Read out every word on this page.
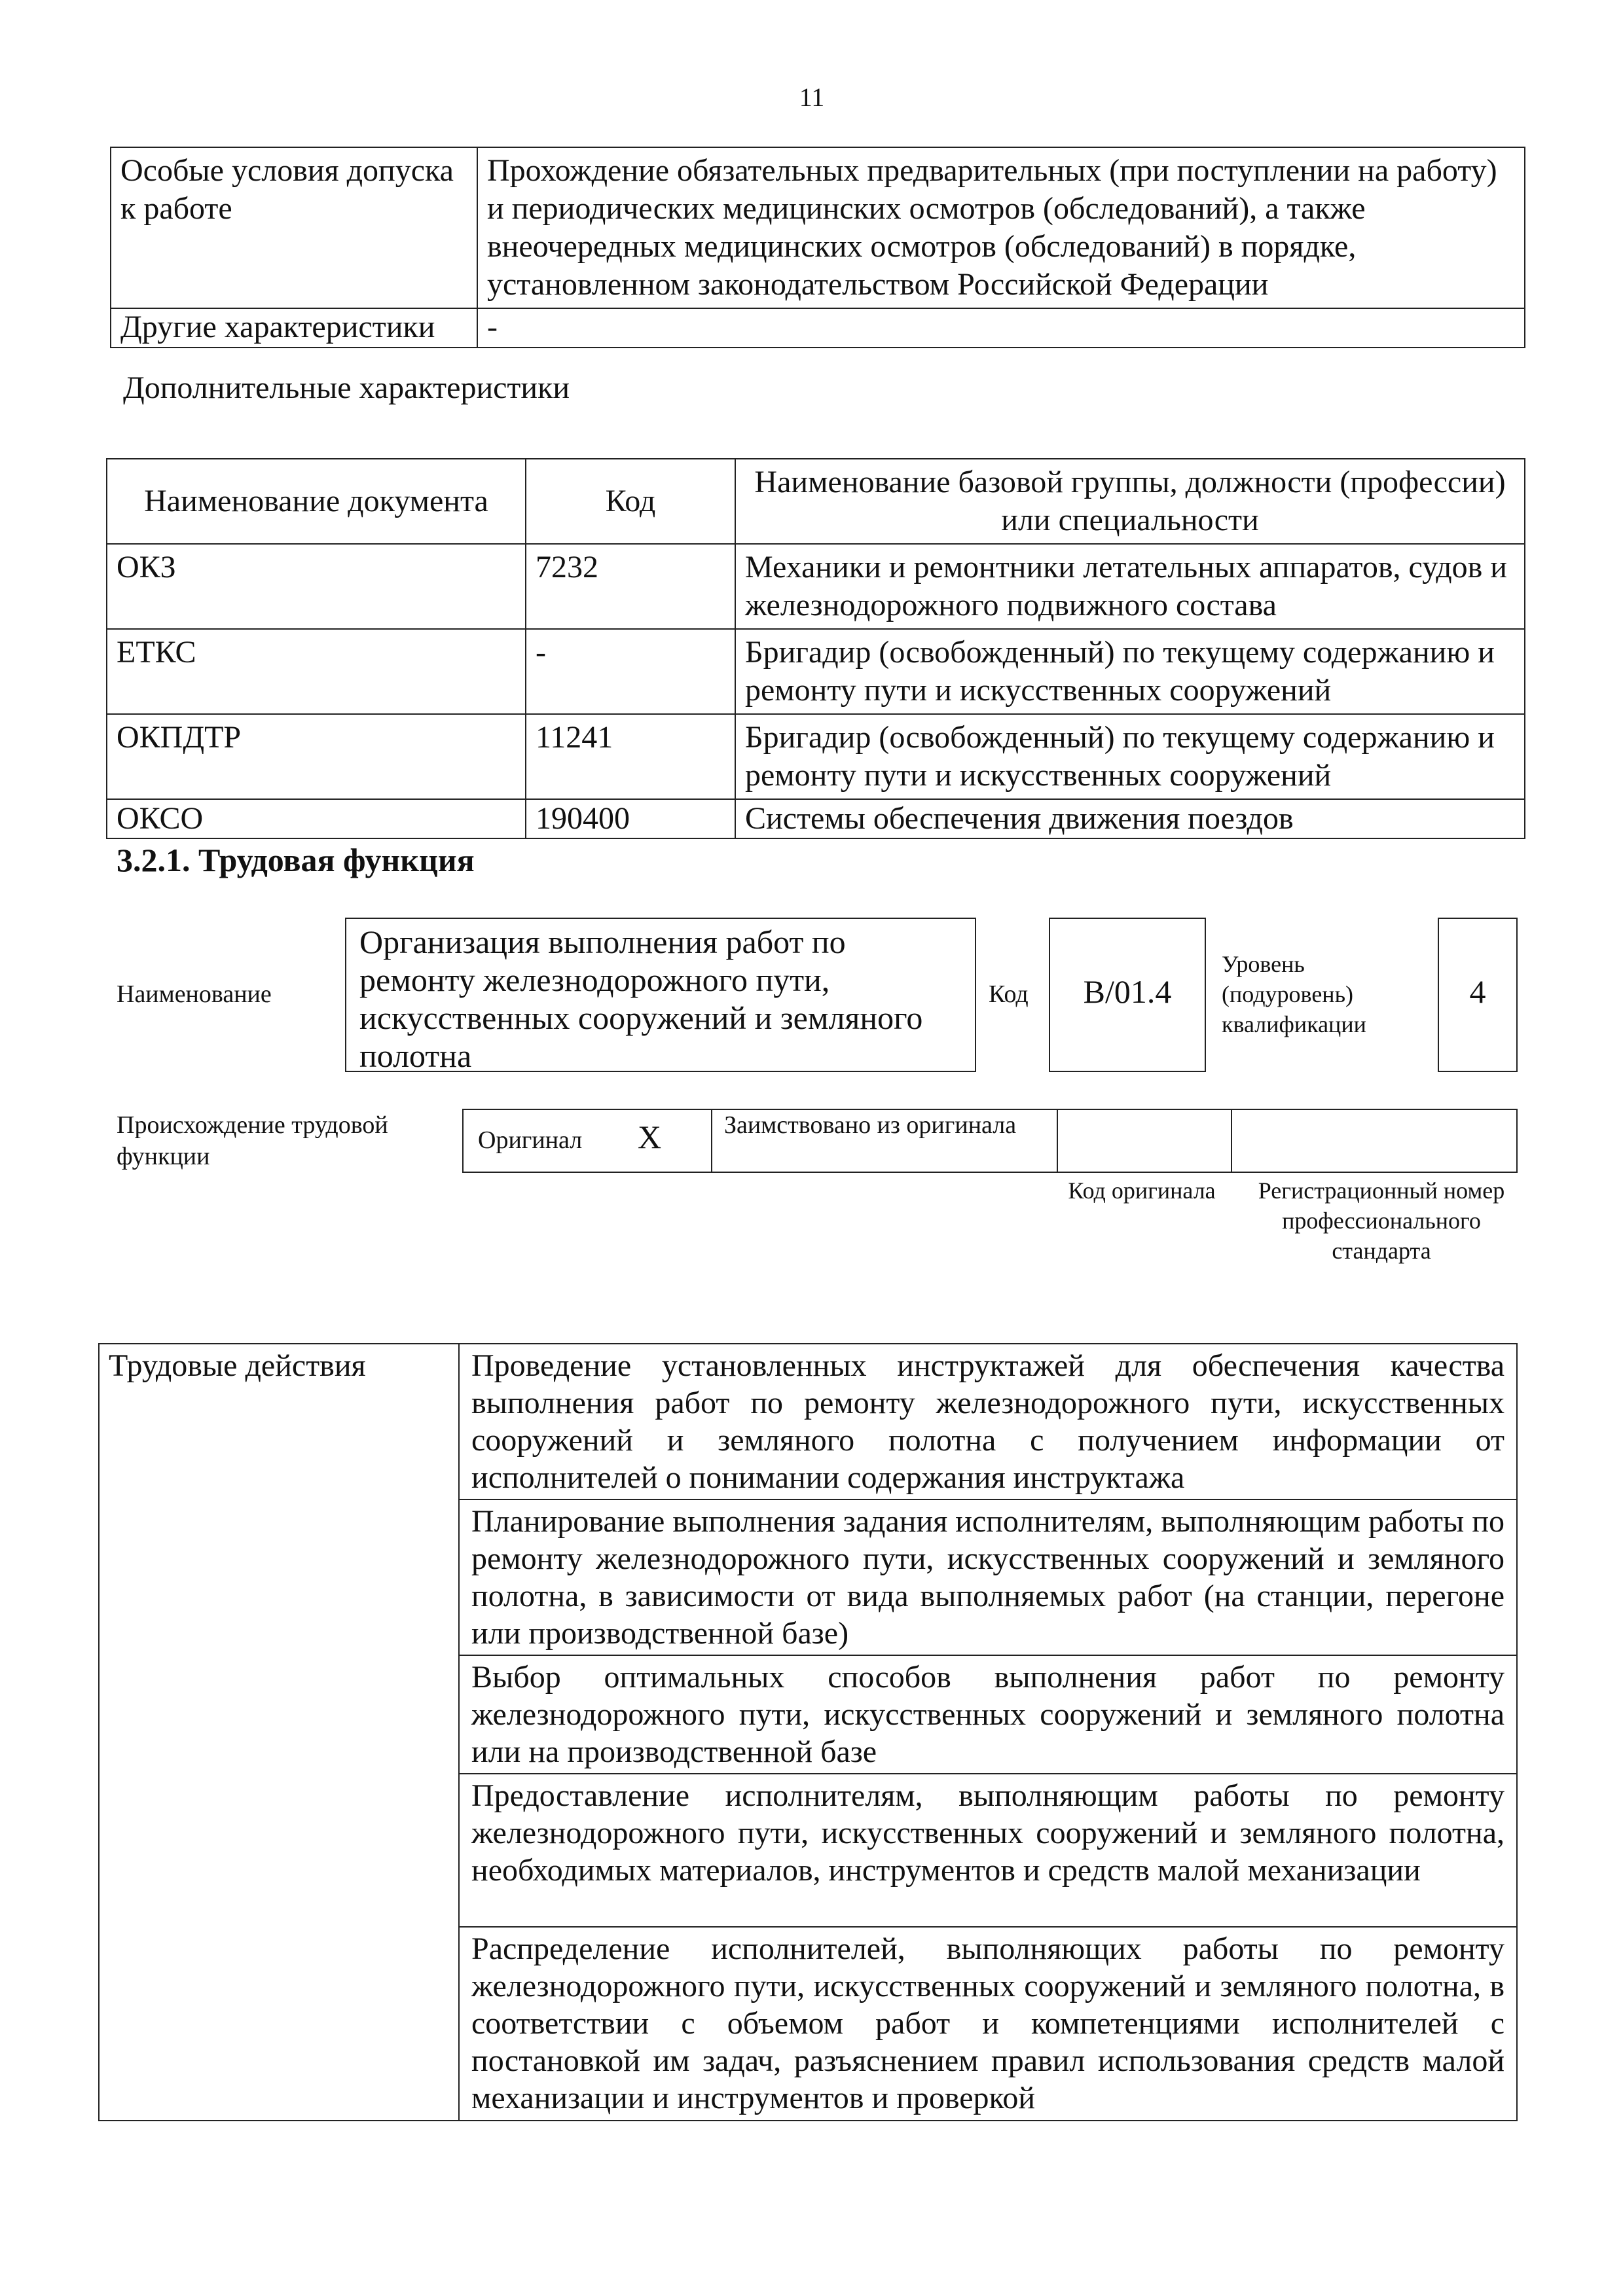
11
Особые условия допуска к работе	Прохождение обязательных предварительных (при поступлении на работу) и периодических медицинских осмотров (обследований), а также внеочередных медицинских осмотров (обследований) в порядке, установленном законодательством Российской Федерации
Другие характеристики	-
Дополнительные характеристики
Наименование документа	Код	Наименование базовой группы, должности (профессии) или специальности
ОКЗ	7232	Механики и ремонтники летательных аппаратов, судов и железнодорожного подвижного состава
ЕТКС	-	Бригадир (освобожденный) по текущему содержанию и ремонту пути и искусственных сооружений
ОКПДТР	11241	Бригадир (освобожденный) по текущему содержанию и ремонту пути и искусственных сооружений
ОКСО	190400	Системы обеспечения движения поездов
3.2.1. Трудовая функция
Наименование
Организация выполнения работ по ремонту железнодорожного пути, искусственных сооружений и земляного полотна
Код В/01.4
Уровень (подуровень) квалификации
4
Происхождение трудовой функции
Оригинал X	Заимствовано из оригинала
Код оригинала	Регистрационный номер профессионального стандарта
Трудовые действия	Проведение установленных инструктажей для обеспечения качества выполнения работ по ремонту железнодорожного пути, искусственных сооружений и земляного полотна с получением информации от исполнителей о понимании содержания инструктажа
Планирование выполнения задания исполнителям, выполняющим работы по ремонту железнодорожного пути, искусственных сооружений и земляного полотна, в зависимости от вида выполняемых работ (на станции, перегоне или производственной базе)
Выбор оптимальных способов выполнения работ по ремонту железнодорожного пути, искусственных сооружений и земляного полотна или на производственной базе
Предоставление исполнителям, выполняющим работы по ремонту железнодорожного пути, искусственных сооружений и земляного полотна, необходимых материалов, инструментов и средств малой механизации
Распределение исполнителей, выполняющих работы по ремонту железнодорожного пути, искусственных сооружений и земляного полотна, в соответствии с объемом работ и компетенциями исполнителей с постановкой им задач, разъяснением правил использования средств малой механизации и инструментов и проверкой
